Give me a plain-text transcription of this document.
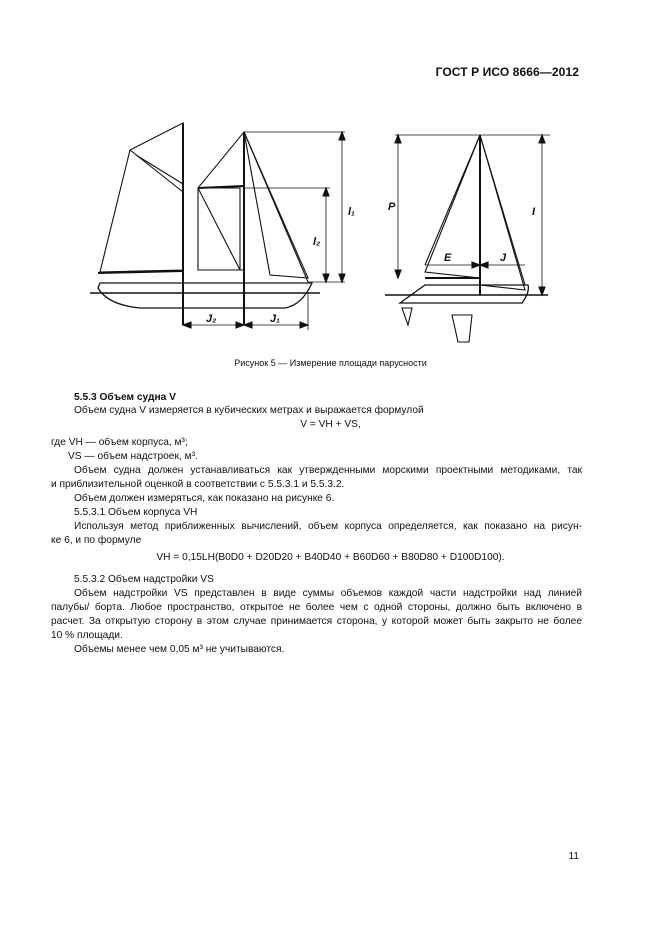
ГОСТ Р ИСО 8666—2012
l₁
l₂
J₂	J₁
P	I
E	J
Рисунок 5 — Измерение площади парусности
5.5.3 Объем судна V
Объем судна V измеряется в кубических метрах и выражается формулой
V = VH + VS,
где VН — объем корпуса, м³;
VS — объем надстроек, м³.
Объем судна должен устанавливаться как утвержденными морскими проектными методиками, так
и приблизительной оценкой в соответствии с 5.5.3.1 и 5.5.3.2.
Объем должен измеряться, как показано на рисунке 6.
5.5.3.1 Объем корпуса VН
Используя метод приближенных вычислений, объем корпуса определяется, как показано на рисун-
ке 6, и по формуле
VH = 0,15LH(B0D0 + D20D20 + B40D40 + B60D60 + B80D80 + D100D100).
5.5.3.2 Объем надстройки VS
Объем надстройки VS представлен в виде суммы объемов каждой части надстройки над линией
палубы/ борта. Любое пространство, открытое не более чем с одной стороны, должно быть включено в
расчет. За открытую сторону в этом случае принимается сторона, у которой может быть закрыто не более
10 % площади.
Объемы менее чем 0,05 м³ не учитываются.
11
